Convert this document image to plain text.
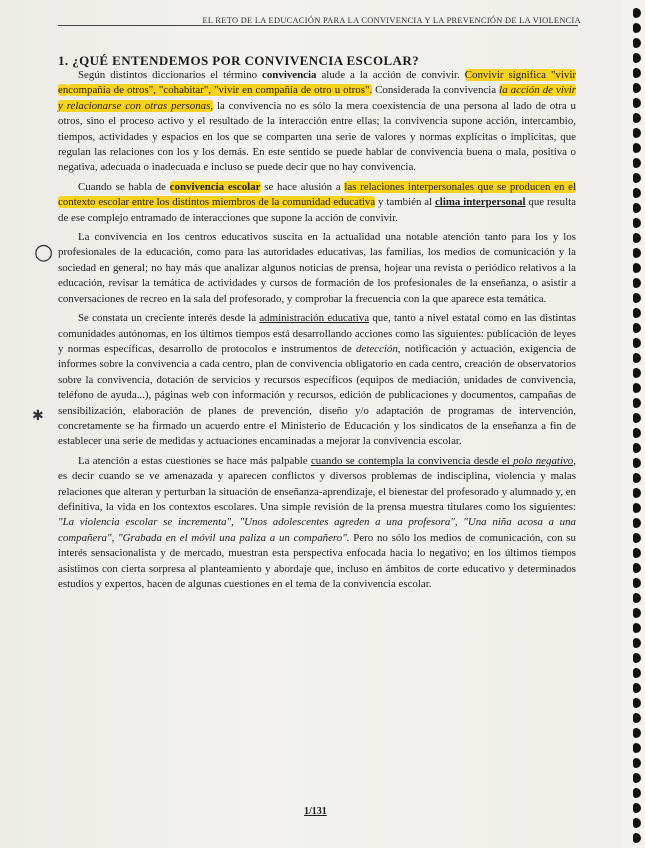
EL RETO DE LA EDUCACIÓN PARA LA CONVIVENCIA Y LA PREVENCIÓN DE LA VIOLENCIA
1. ¿QUÉ ENTENDEMOS POR CONVIVENCIA ESCOLAR?

Según distintos diccionarios el término convivencia alude a la acción de convivir. Convivir significa "vivir encompañía de otros", "cohabitar", "vivir en compañía de otro u otros". Considerada la convivencia la acción de vivir y relacionarse con otras personas, la convivencia no es sólo la mera coexistencia de una persona al lado de otra u otros, sino el proceso activo y el resultado de la interacción entre ellas; la convivencia supone acción, intercambio, tiempos, actividades y espacios en los que se comparten una serie de valores y normas explícitas o implícitas, que regulan las relaciones con los y los demás. En este sentido se puede hablar de convivencia buena o mala, positiva o negativa, adecuada o inadecuada e incluso se puede decir que no hay convivencia.

Cuando se habla de convivencia escolar se hace alusión a las relaciones interpersonales que se producen en el contexto escolar entre los distintos miembros de la comunidad educativa y también al clima interpersonal que resulta de ese complejo entramado de interacciones que supone la acción de convivir.

La convivencia en los centros educativos suscita en la actualidad una notable atención tanto para los y los profesionales de la educación, como para las autoridades educativas, las familias, los medios de comunicación y la sociedad en general; no hay más que analizar algunos noticias de prensa, hojear una revista o periódico relativos a la educación, revisar la temática de actividades y cursos de formación de los profesionales de la enseñanza, o asistir a conversaciones de recreo en la sala del profesorado, y comprobar la frecuencia con la que aparece esta temática.

Se constata un creciente interés desde la administración educativa que, tanto a nivel estatal como en las distintas comunidades autónomas, en los últimos tiempos está desarrollando acciones como las siguientes: publicación de leyes y normas específicas, desarrollo de protocolos e instrumentos de detección, notificación y actuación, exigencia de informes sobre la convivencia a cada centro, plan de convivencia obligatorio en cada centro, creación de observatorios sobre la convivencia, dotación de servicios y recursos específicos (equipos de mediación, unidades de convivencia, teléfono de ayuda...), páginas web con información y recursos, edición de publicaciones y documentos, campañas de sensibilización, elaboración de planes de prevención, diseño y/o adaptación de programas de intervención, concretamente se ha firmado un acuerdo entre el Ministerio de Educación y los sindicatos de la enseñanza a fin de establecer una serie de medidas y actuaciones encaminadas a mejorar la convivencia escolar.

La atención a estas cuestiones se hace más palpable cuando se contempla la convivencia desde el polo negativo, es decir cuando se ve amenazada y aparecen conflictos y diversos problemas de indisciplina, violencia y malas relaciones que alteran y perturban la situación de enseñanza-aprendizaje, el bienestar del profesorado y alumnado y, en definitiva, la vida en los contextos escolares. Una simple revisión de la prensa muestra titulares como los siguientes: "La violencia escolar se incrementa", "Unos adolescentes agreden a una profesora", "Una niña acosa a una compañera", "Grabada en el móvil una paliza a un compañero". Pero no sólo los medios de comunicación, con su interés sensacionalista y de mercado, muestran esta perspectiva enfocada hacia lo negativo; en los últimos tiempos asistimos con cierta sorpresa al planteamiento y abordaje que, incluso en ámbitos de corte educativo y determinados estudios y expertos, hacen de algunas cuestiones en el tema de la convivencia escolar.

○
✱
1/131
